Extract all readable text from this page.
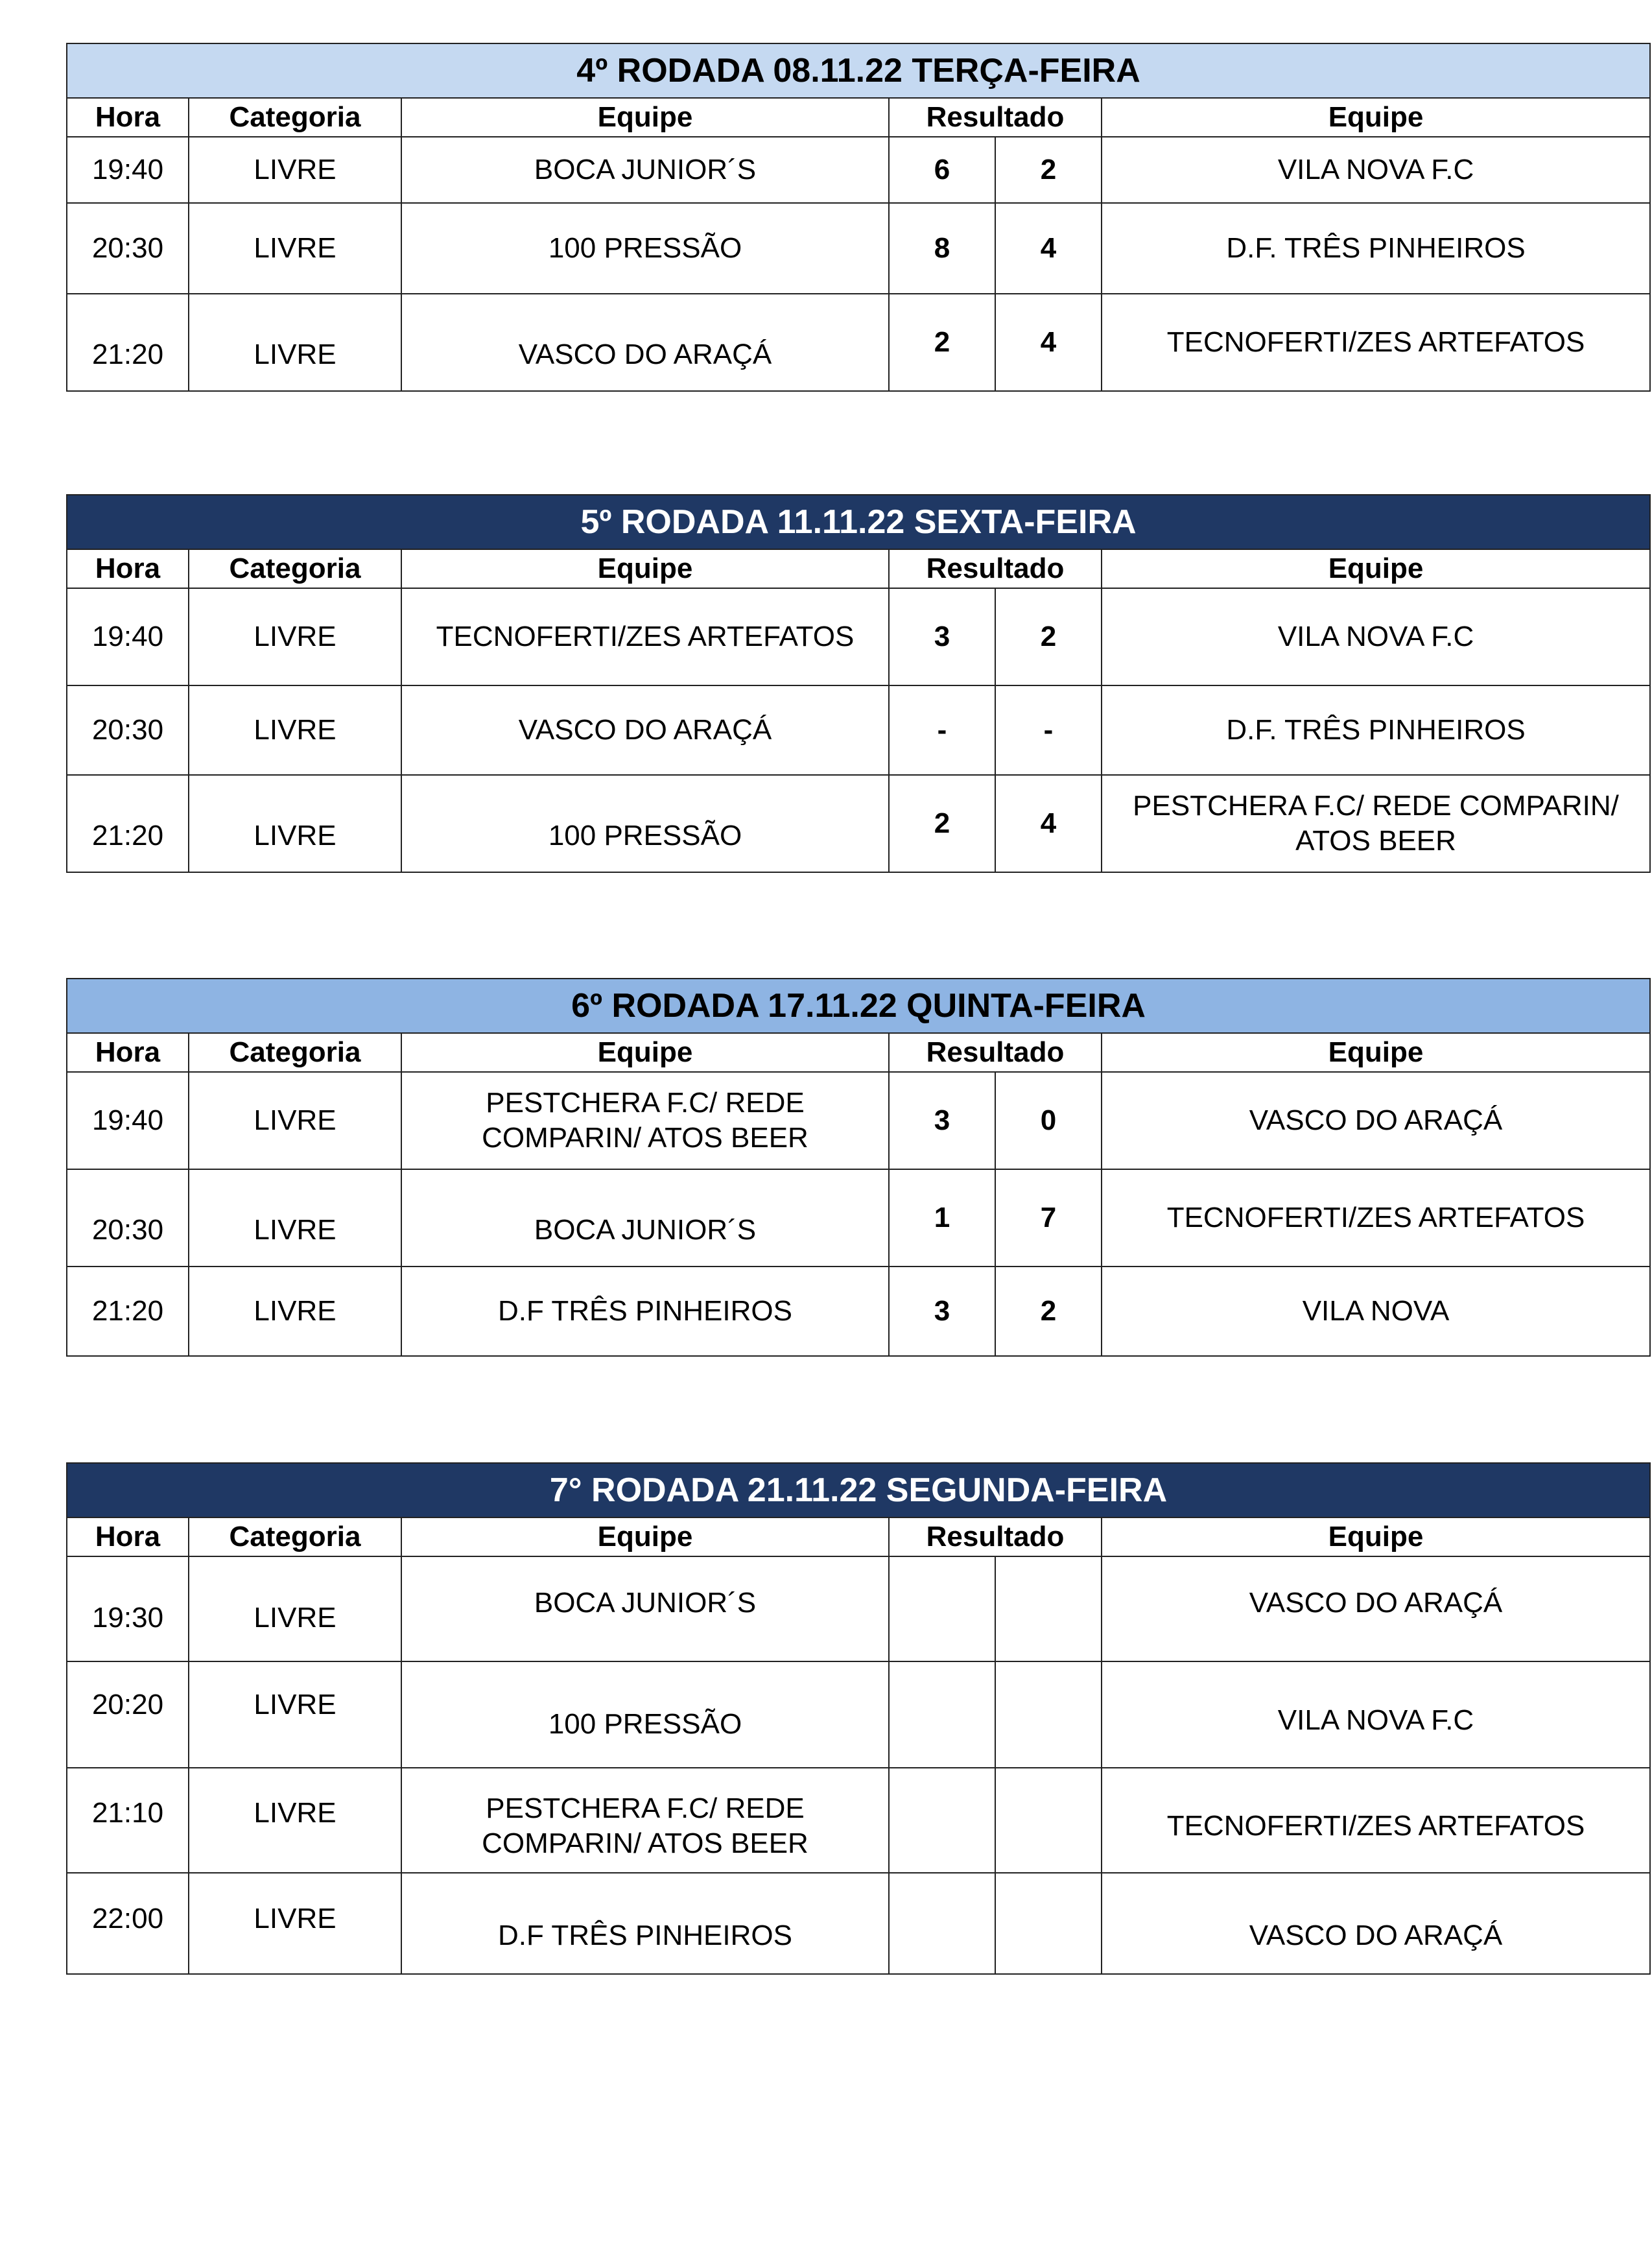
4º RODADA 08.11.22 TERÇA-FEIRA					
Hora	Categoria	Equipe	Resultado		Equipe
19:40	LIVRE	BOCA JUNIOR´S	6	2	VILA NOVA F.C
20:30	LIVRE	100 PRESSÃO	8	4	D.F. TRÊS PINHEIROS
21:20	LIVRE	VASCO DO ARAÇÁ	2	4	TECNOFERTI/ZES ARTEFATOS
5º RODADA 11.11.22 SEXTA-FEIRA					
Hora	Categoria	Equipe	Resultado		Equipe
19:40	LIVRE	TECNOFERTI/ZES ARTEFATOS	3	2	VILA NOVA F.C
20:30	LIVRE	VASCO DO ARAÇÁ	-	-	D.F. TRÊS PINHEIROS
21:20	LIVRE	100 PRESSÃO	2	4	PESTCHERA F.C/ REDE COMPARIN/ ATOS BEER
6º RODADA 17.11.22 QUINTA-FEIRA					
Hora	Categoria	Equipe	Resultado		Equipe
19:40	LIVRE	PESTCHERA F.C/ REDE COMPARIN/ ATOS BEER	3	0	VASCO DO ARAÇÁ
20:30	LIVRE	BOCA JUNIOR´S	1	7	TECNOFERTI/ZES ARTEFATOS
21:20	LIVRE	D.F TRÊS PINHEIROS	3	2	VILA NOVA
7° RODADA 21.11.22 SEGUNDA-FEIRA					
Hora	Categoria	Equipe	Resultado		Equipe
19:30	LIVRE	BOCA JUNIOR´S			VASCO DO ARAÇÁ
20:20	LIVRE	100 PRESSÃO			VILA NOVA F.C
21:10	LIVRE	PESTCHERA F.C/ REDE COMPARIN/ ATOS BEER			TECNOFERTI/ZES ARTEFATOS
22:00	LIVRE	D.F TRÊS PINHEIROS			VASCO DO ARAÇÁ
